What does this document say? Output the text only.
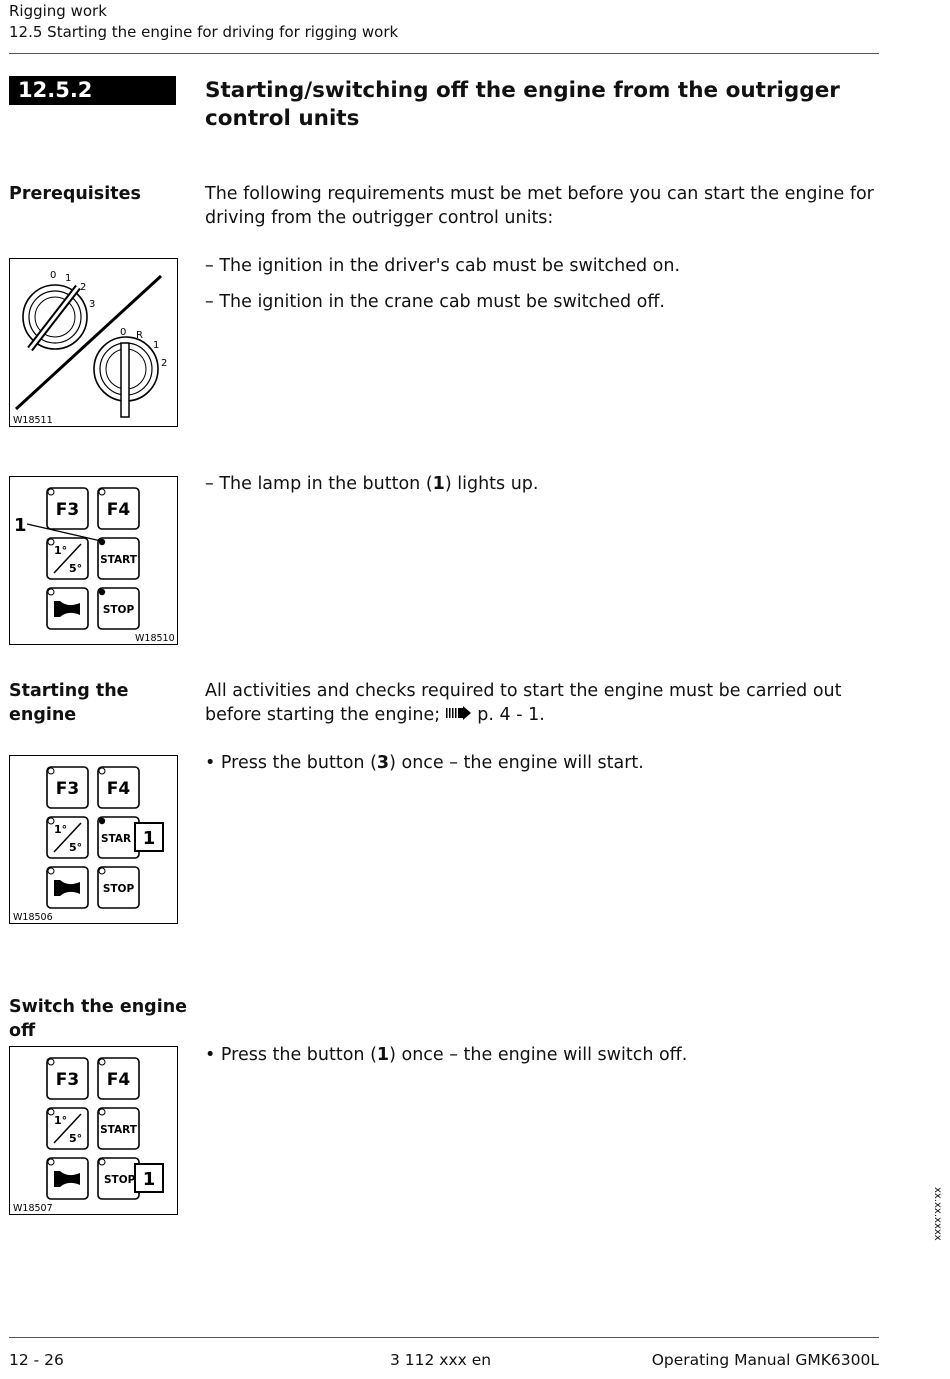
Rigging work
12.5 Starting the engine for driving for rigging work
12.5.2	Starting/switching off the engine from the outrigger control units
Prerequisites	The following requirements must be met before you can start the engine for driving from the outrigger control units:
– The ignition in the driver's cab must be switched on.
– The ignition in the crane cab must be switched off.
0 1
2
3
0 R
1
2
W18511
F3 F4
1°
5°
START
STOP
1
W18510
– The lamp in the button (1) lights up.
Starting the engine
All activities and checks required to start the engine must be carried out before starting the engine; p. 4 - 1.
• Press the button (3) once – the engine will start.
F3 F4
1°
5°
STAR 1
STOP
W18506
Switch the engine off
• Press the button (1) once – the engine will switch off.
F3 F4
1°
5°
START
STOP 1
W18507	xx.xx.xxxx
12 - 26	3 112 xxx en	Operating Manual GMK6300L
